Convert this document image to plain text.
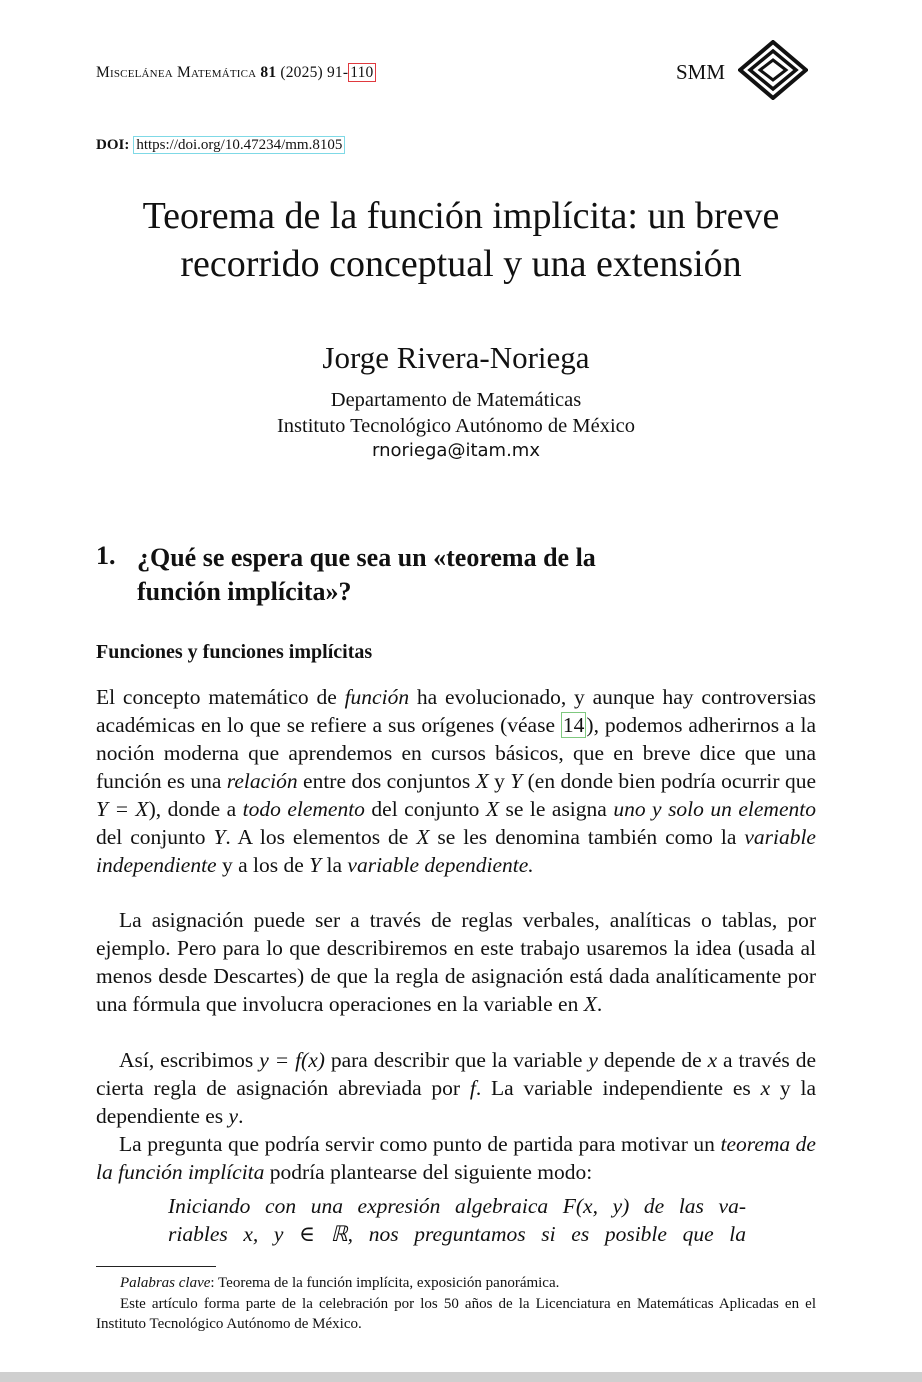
Miscelánea Matemática 81 (2025) 91- 110	SMM
DOI: https://doi.org/10.47234/mm.8105
Teorema de la función implícita: un breve
recorrido conceptual y una extensión
Jorge Rivera-Noriega
Departamento de Matemáticas
Instituto Tecnológico Autónomo de México
rnoriega@itam.mx
1. ¿Qué se espera que sea un «teorema de la
función implícita»?
Funciones y funciones implícitas

El concepto matemático de función ha evolucionado, y aunque hay controversias académicas en lo que se refiere a sus orígenes (véase 14), podemos adherirnos a la noción moderna que aprendemos en cursos básicos, que en breve dice que una función es una relación entre dos conjuntos X y Y (en donde bien podría ocurrir que Y = X), donde a todo elemento del conjunto X se le asigna uno y solo un elemento del conjunto Y. A los elementos de X se les denomina también como la variable independiente y a los de Y la variable dependiente.

La asignación puede ser a través de reglas verbales, analíticas o tablas, por ejemplo. Pero para lo que describiremos en este trabajo usaremos la idea (usada al menos desde Descartes) de que la regla de asignación está dada analíticamente por una fórmula que involucra operaciones en la variable en X.

Así, escribimos y = f(x) para describir que la variable y depende de x a través de cierta regla de asignación abreviada por f. La variable independiente es x y la dependiente es y.

La pregunta que podría servir como punto de partida para motivar un teorema de la función implícita podría plantearse del siguiente modo:

Iniciando con una expresión algebraica F(x, y) de las va-
riables x, y ∈ ℝ, nos preguntamos si es posible que la

Palabras clave: Teorema de la función implícita, exposición panorámica.

Este artículo forma parte de la celebración por los 50 años de la Licenciatura en Matemáticas Aplicadas en el Instituto Tecnológico Autónomo de México.
